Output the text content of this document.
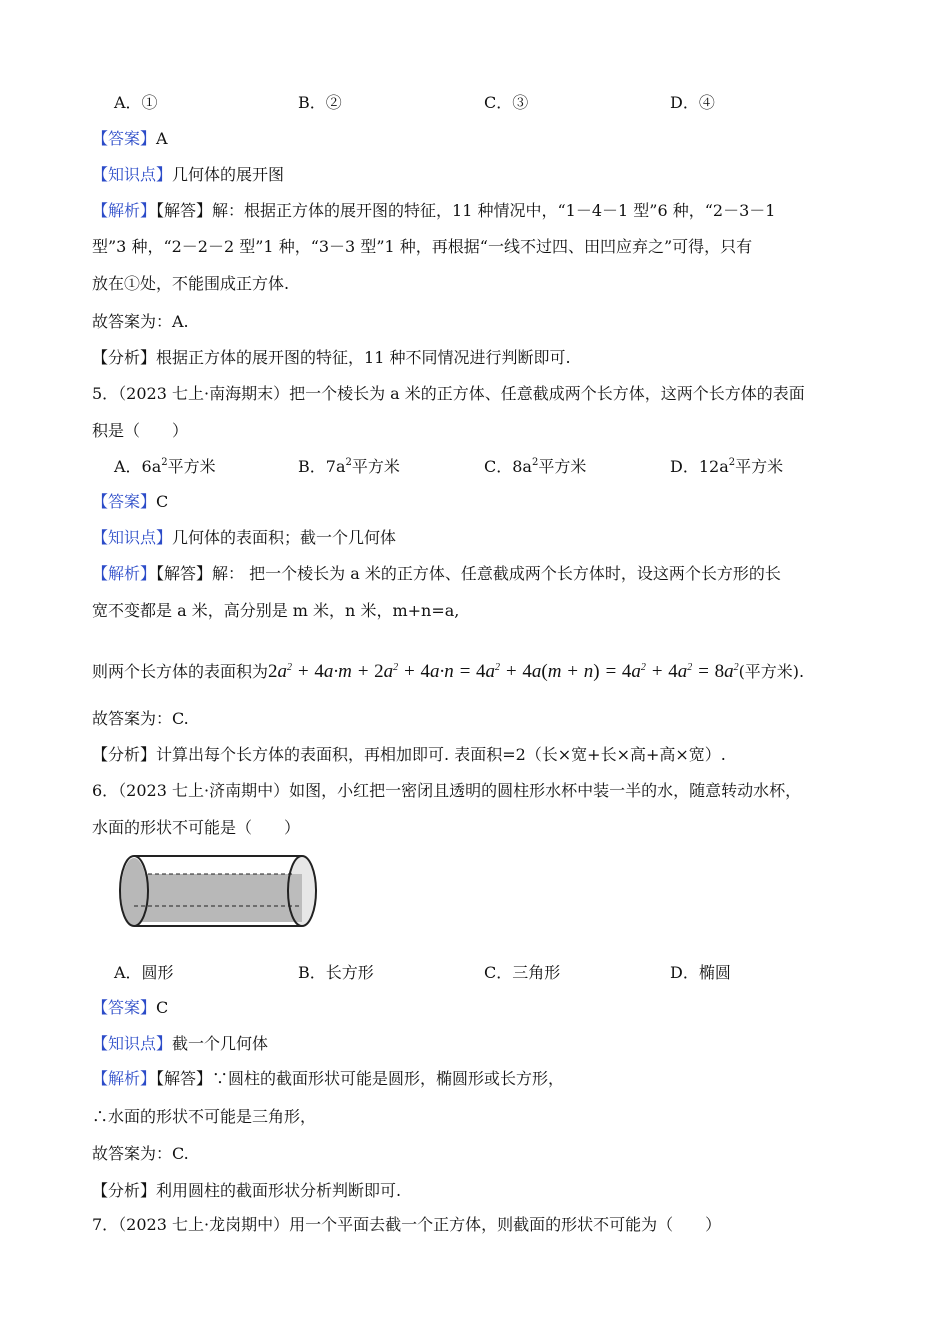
A．①	B．②	C．③	D．④
【答案】A
【知识点】几何体的展开图
【解析】【解答】解：根据正方体的展开图的特征，11 种情况中，“1－4－1 型”6 种，“2－3－1
型”3 种，“2－2－2 型”1 种，“3－3 型”1 种，再根据“一线不过四、田凹应弃之”可得，只有
放在①处，不能围成正方体.
故答案为：A.
【分析】根据正方体的展开图的特征，11 种不同情况进行判断即可.
5．（2023 七上·南海期末）把一个棱长为 a 米的正方体、任意截成两个长方体，这两个长方体的表面
积是（　　）
A．$6a^2$平方米	B．$7a^2$平方米	C．$8a^2$平方米	D．$12a^2$平方米
【答案】C
【知识点】几何体的表面积；截一个几何体
【解析】【解答】解： 把一个棱长为 a 米的正方体、任意截成两个长方体时，设这两个长方形的长
宽不变都是 a 米，高分别是 m 米，n 米，m+n=a,
则两个长方体的表面积为$2a^2 + 4a\cdot m + 2a^2 + 4a\cdot n = 4a^2 + 4a(m + n) = 4a^2 + 4a^2 = 8a^2$(平方米).
故答案为：C.
【分析】计算出每个长方体的表面积，再相加即可. 表面积=2（长×宽+长×高+高×宽）.
6．（2023 七上·济南期中）如图，小红把一密闭且透明的圆柱形水杯中装一半的水，随意转动水杯，
水面的形状不可能是（　　）
A．圆形	B．长方形	C．三角形	D．椭圆
【答案】C
【知识点】截一个几何体
【解析】【解答】∵圆柱的截面形状可能是圆形，椭圆形或长方形，
∴水面的形状不可能是三角形，
故答案为：C.
【分析】利用圆柱的截面形状分析判断即可.
7．（2023 七上·龙岗期中）用一个平面去截一个正方体，则截面的形状不可能为（　　）
